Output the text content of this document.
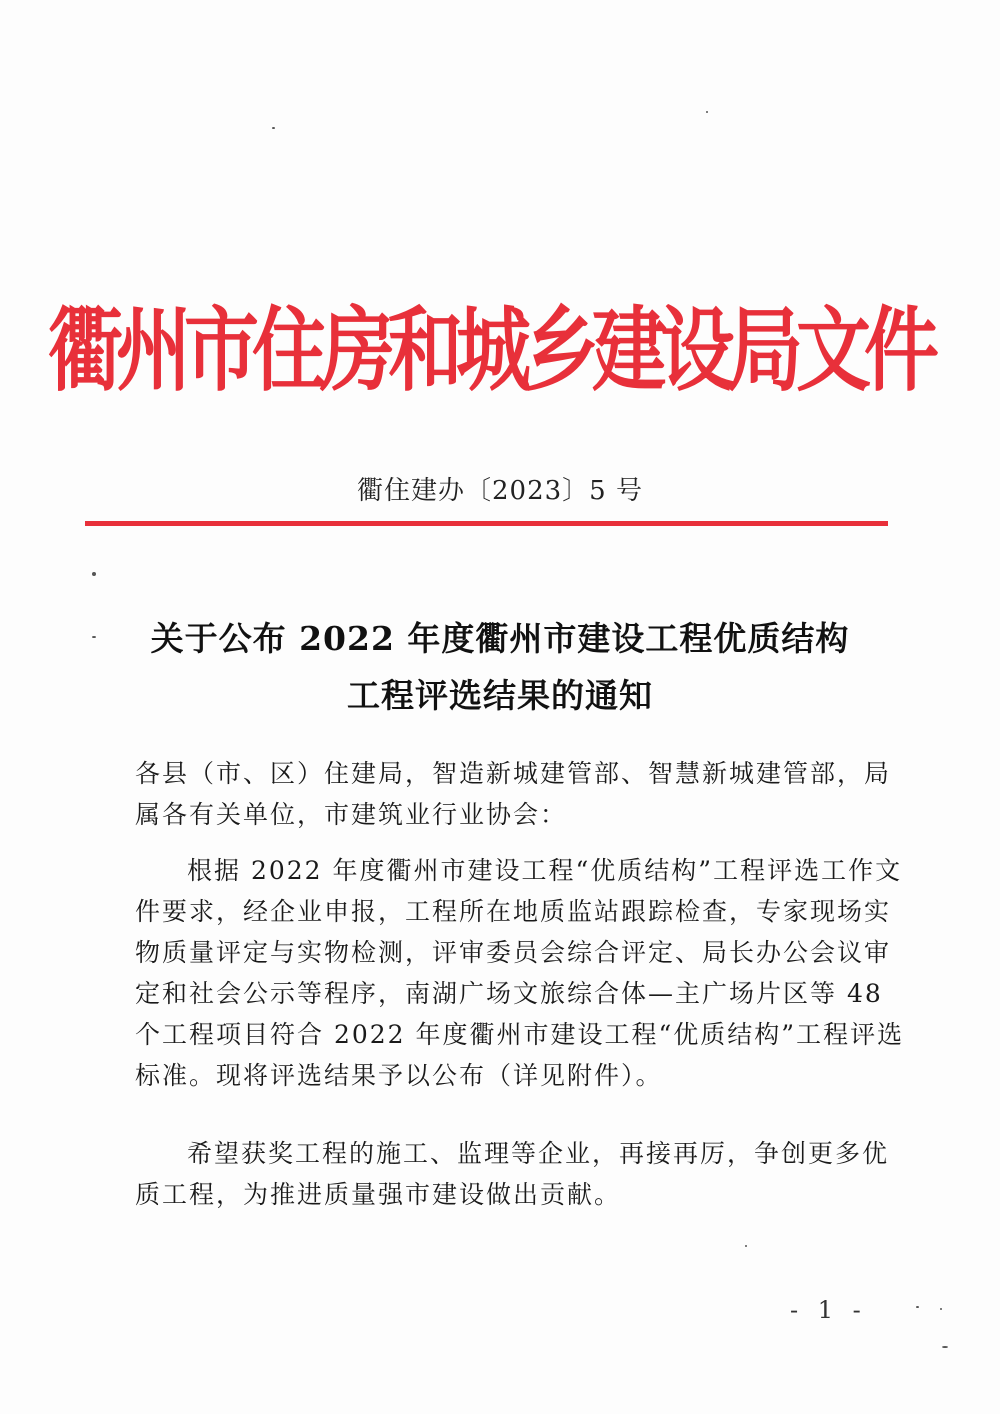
衢州市住房和城乡建设局文件
衢住建办〔2023〕5 号
关于公布 2022 年度衢州市建设工程优质结构
工程评选结果的通知
各县（市、区）住建局，智造新城建管部、智慧新城建管部，局
属各有关单位，市建筑业行业协会：
根据 2022 年度衢州市建设工程“优质结构”工程评选工作文
件要求，经企业申报，工程所在地质监站跟踪检查，专家现场实
物质量评定与实物检测，评审委员会综合评定、局长办公会议审
定和社会公示等程序，南湖广场文旅综合体—主广场片区等 48
个工程项目符合 2022 年度衢州市建设工程“优质结构”工程评选
标准。现将评选结果予以公布（详见附件）。
希望获奖工程的施工、监理等企业，再接再厉，争创更多优
质工程，为推进质量强市建设做出贡献。
- 1 -
